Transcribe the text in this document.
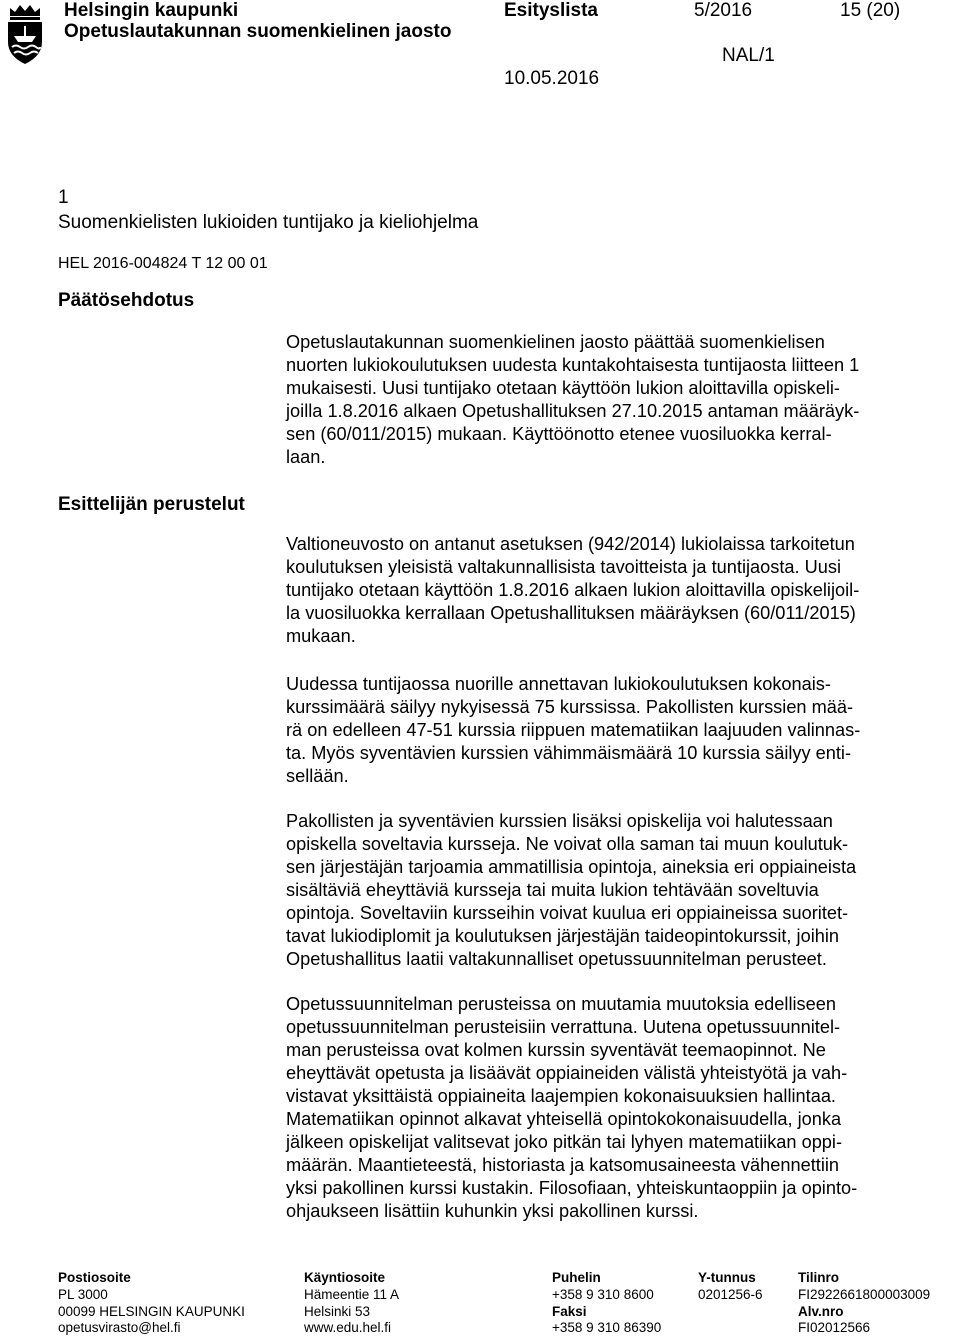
Helsingin kaupunki
Opetuslautakunnan suomenkielinen jaosto
Esityslista	5/2016	15 (20)
NAL/1
10.05.2016
1
Suomenkielisten lukioiden tuntijako ja kieliohjelma
HEL 2016-004824 T 12 00 01
Päätösehdotus
Esittelijän perustelut
Opetuslautakunnan suomenkielinen jaosto päättää suomenkielisen
nuorten lukiokoulutuksen uudesta kuntakohtaisesta tuntijaosta liitteen 1
mukaisesti. Uusi tuntijako otetaan käyttöön lukion aloittavilla opiskeli-
joilla 1.8.2016 alkaen Opetushallituksen 27.10.2015 antaman määräyk-
sen (60/011/2015) mukaan. Käyttöönotto etenee vuosiluokka kerral-
laan.
Valtioneuvosto on antanut asetuksen (942/2014) lukiolaissa tarkoitetun
koulutuksen yleisistä valtakunnallisista tavoitteista ja tuntijaosta. Uusi
tuntijako otetaan käyttöön 1.8.2016 alkaen lukion aloittavilla opiskelijoil-
la vuosiluokka kerrallaan Opetushallituksen määräyksen (60/011/2015)
mukaan.
Uudessa tuntijaossa nuorille annettavan lukiokoulutuksen kokonais-
kurssimäärä säilyy nykyisessä 75 kurssissa. Pakollisten kurssien mää-
rä on edelleen 47-51 kurssia riippuen matematiikan laajuuden valinnas-
ta. Myös syventävien kurssien vähimmäismäärä 10 kurssia säilyy enti-
sellään.
Pakollisten ja syventävien kurssien lisäksi opiskelija voi halutessaan
opiskella soveltavia kursseja. Ne voivat olla saman tai muun koulutuk-
sen järjestäjän tarjoamia ammatillisia opintoja, aineksia eri oppiaineista
sisältäviä eheyttäviä kursseja tai muita lukion tehtävään soveltuvia
opintoja. Soveltaviin kursseihin voivat kuulua eri oppiaineissa suoritet-
tavat lukiodiplomit ja koulutuksen järjestäjän taideopintokurssit, joihin
Opetushallitus laatii valtakunnalliset opetussuunnitelman perusteet.
Opetussuunnitelman perusteissa on muutamia muutoksia edelliseen
opetussuunnitelman perusteisiin verrattuna. Uutena opetussuunnitel-
man perusteissa ovat kolmen kurssin syventävät teemaopinnot. Ne
eheyttävät opetusta ja lisäävät oppiaineiden välistä yhteistyötä ja vah-
vistavat yksittäistä oppiaineita laajempien kokonaisuuksien hallintaa.
Matematiikan opinnot alkavat yhteisellä opintokokonaisuudella, jonka
jälkeen opiskelijat valitsevat joko pitkän tai lyhyen matematiikan oppi-
määrän. Maantieteestä, historiasta ja katsomusaineesta vähennettiin
yksi pakollinen kurssi kustakin. Filosofiaan, yhteiskuntaoppiin ja opinto-
ohjaukseen lisättiin kuhunkin yksi pakollinen kurssi.
Postiosoite
PL 3000
00099 HELSINGIN KAUPUNKI
opetusvirasto@hel.fi
Käyntiosoite
Hämeentie 11 A
Helsinki 53
www.edu.hel.fi
Puhelin
+358 9 310 8600
Faksi
+358 9 310 86390
Y-tunnus
0201256-6
Tilinro
FI2922661800003009
Alv.nro
FI02012566
